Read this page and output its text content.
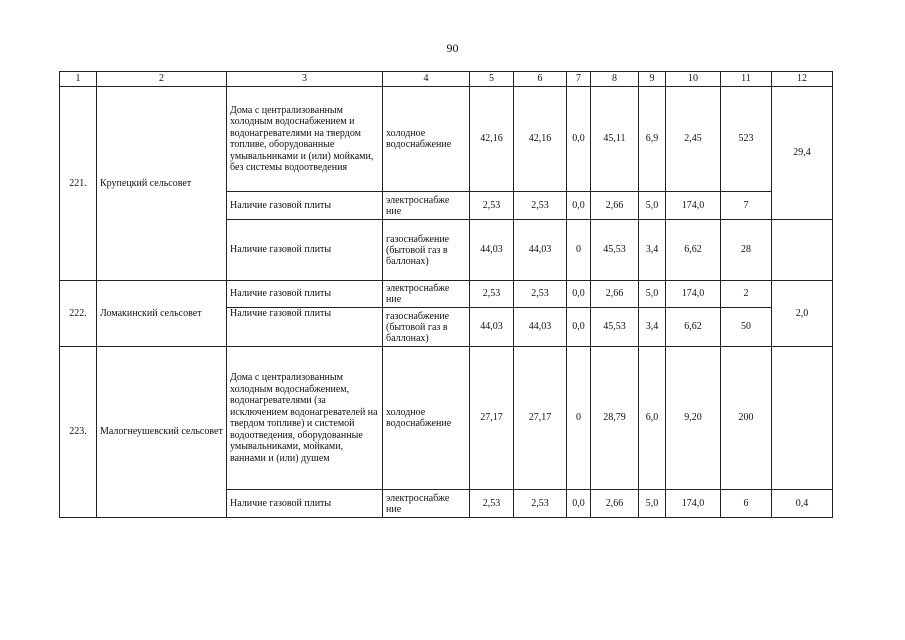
90
1	2	3	4	5	6	7	8	9	10	11	12
221.	Крупецкий сельсовет	Дома с централизованным холодным водоснабжением и водонагревателями на твердом топливе, оборудованные умывальниками и (или) мойками, без системы водоотведения	холодное водоснабжение	42,16	42,16	0,0	45,11	6,9	2,45	523	29,4
		Наличие газовой плиты	электроснабже ние	2,53	2,53	0,0	2,66	5,0	174,0	7	
		Наличие газовой плиты	газоснабжение (бытовой газ в баллонах)	44,03	44,03	0	45,53	3,4	6,62	28	
222.	Ломакинский сельсовет	Наличие газовой плиты	электроснабже ние	2,53	2,53	0,0	2,66	5,0	174,0	2	2,0
		Наличие газовой плиты	газоснабжение (бытовой газ в баллонах)	44,03	44,03	0,0	45,53	3,4	6,62	50	
223.	Малогнеушевский сельсовет	Дома с централизованным холодным водоснабжением, водонагревателями (за исключением водонагревателей на твердом топливе) и системой водоотведения, оборудованные умывальниками, мойками, ваннами и (или) душем	холодное водоснабжение	27,17	27,17	0	28,79	6,0	9,20	200	
		Наличие газовой плиты	электроснабже ние	2,53	2,53	0,0	2,66	5,0	174,0	6	0,4
